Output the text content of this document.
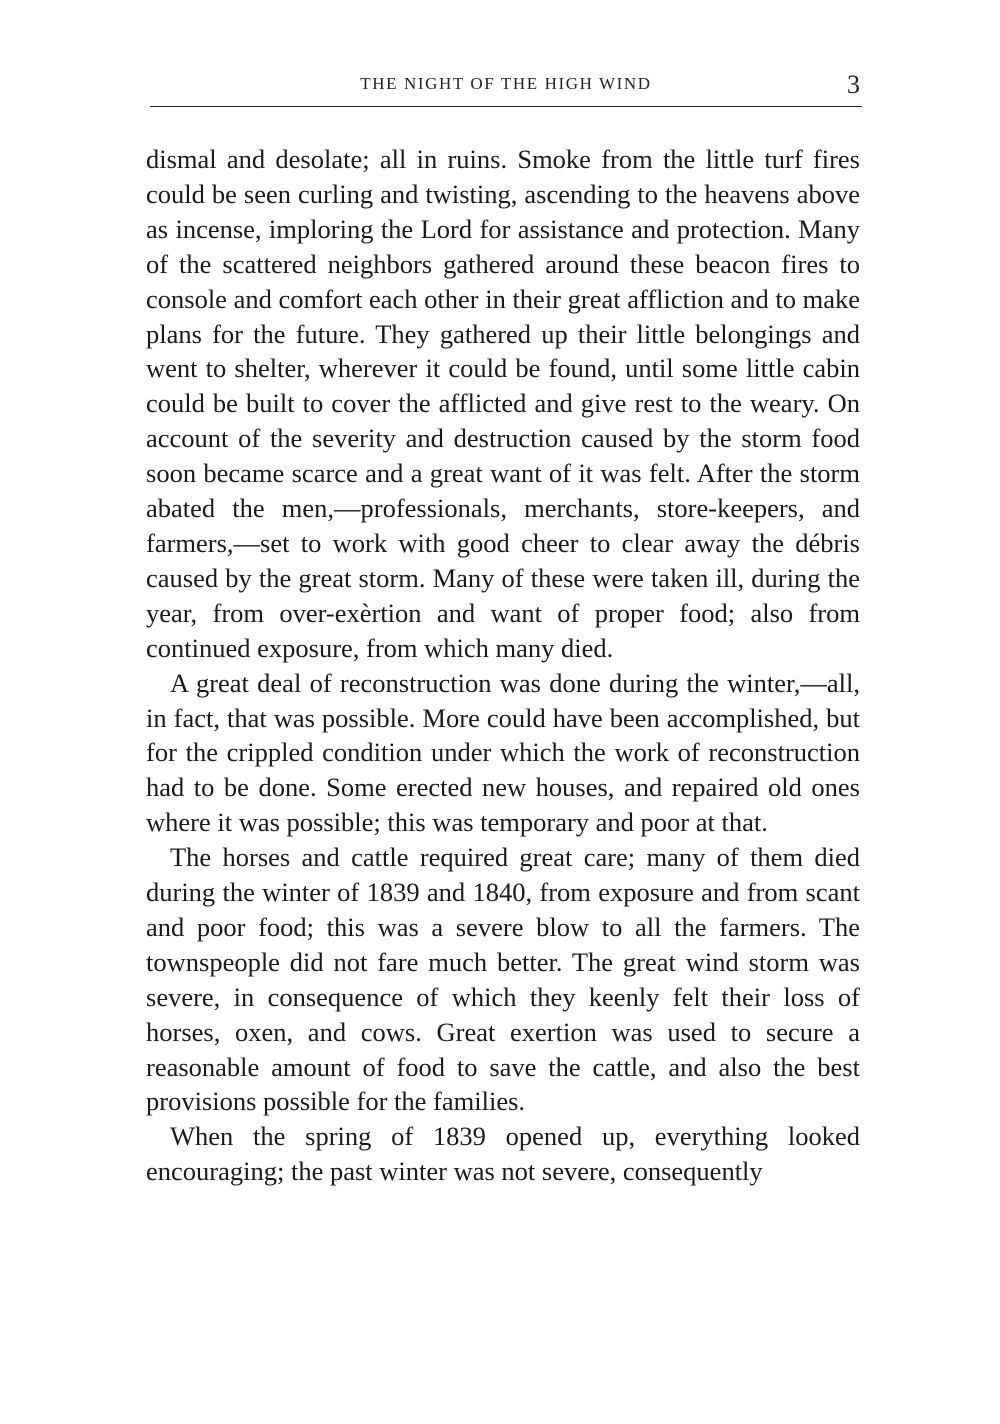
THE NIGHT OF THE HIGH WIND	3

dismal and desolate; all in ruins. Smoke from the little turf fires could be seen curling and twisting, ascending to the heavens above as incense, imploring the Lord for assistance and protection. Many of the scattered neighbors gathered around these beacon fires to console and comfort each other in their great affliction and to make plans for the future. They gathered up their little belongings and went to shelter, wherever it could be found, until some little cabin could be built to cover the afflicted and give rest to the weary. On account of the severity and destruction caused by the storm food soon became scarce and a great want of it was felt. After the storm abated the men,—professionals, merchants, store-keepers, and farmers,—set to work with good cheer to clear away the débris caused by the great storm. Many of these were taken ill, during the year, from over-exèrtion and want of proper food; also from continued exposure, from which many died.

A great deal of reconstruction was done during the winter,—all, in fact, that was possible. More could have been accomplished, but for the crippled condition under which the work of reconstruction had to be done. Some erected new houses, and repaired old ones where it was possible; this was temporary and poor at that.

The horses and cattle required great care; many of them died during the winter of 1839 and 1840, from exposure and from scant and poor food; this was a severe blow to all the farmers. The townspeople did not fare much better. The great wind storm was severe, in consequence of which they keenly felt their loss of horses, oxen, and cows. Great exertion was used to secure a reasonable amount of food to save the cattle, and also the best provisions possible for the families.

When the spring of 1839 opened up, everything looked encouraging; the past winter was not severe, consequently
